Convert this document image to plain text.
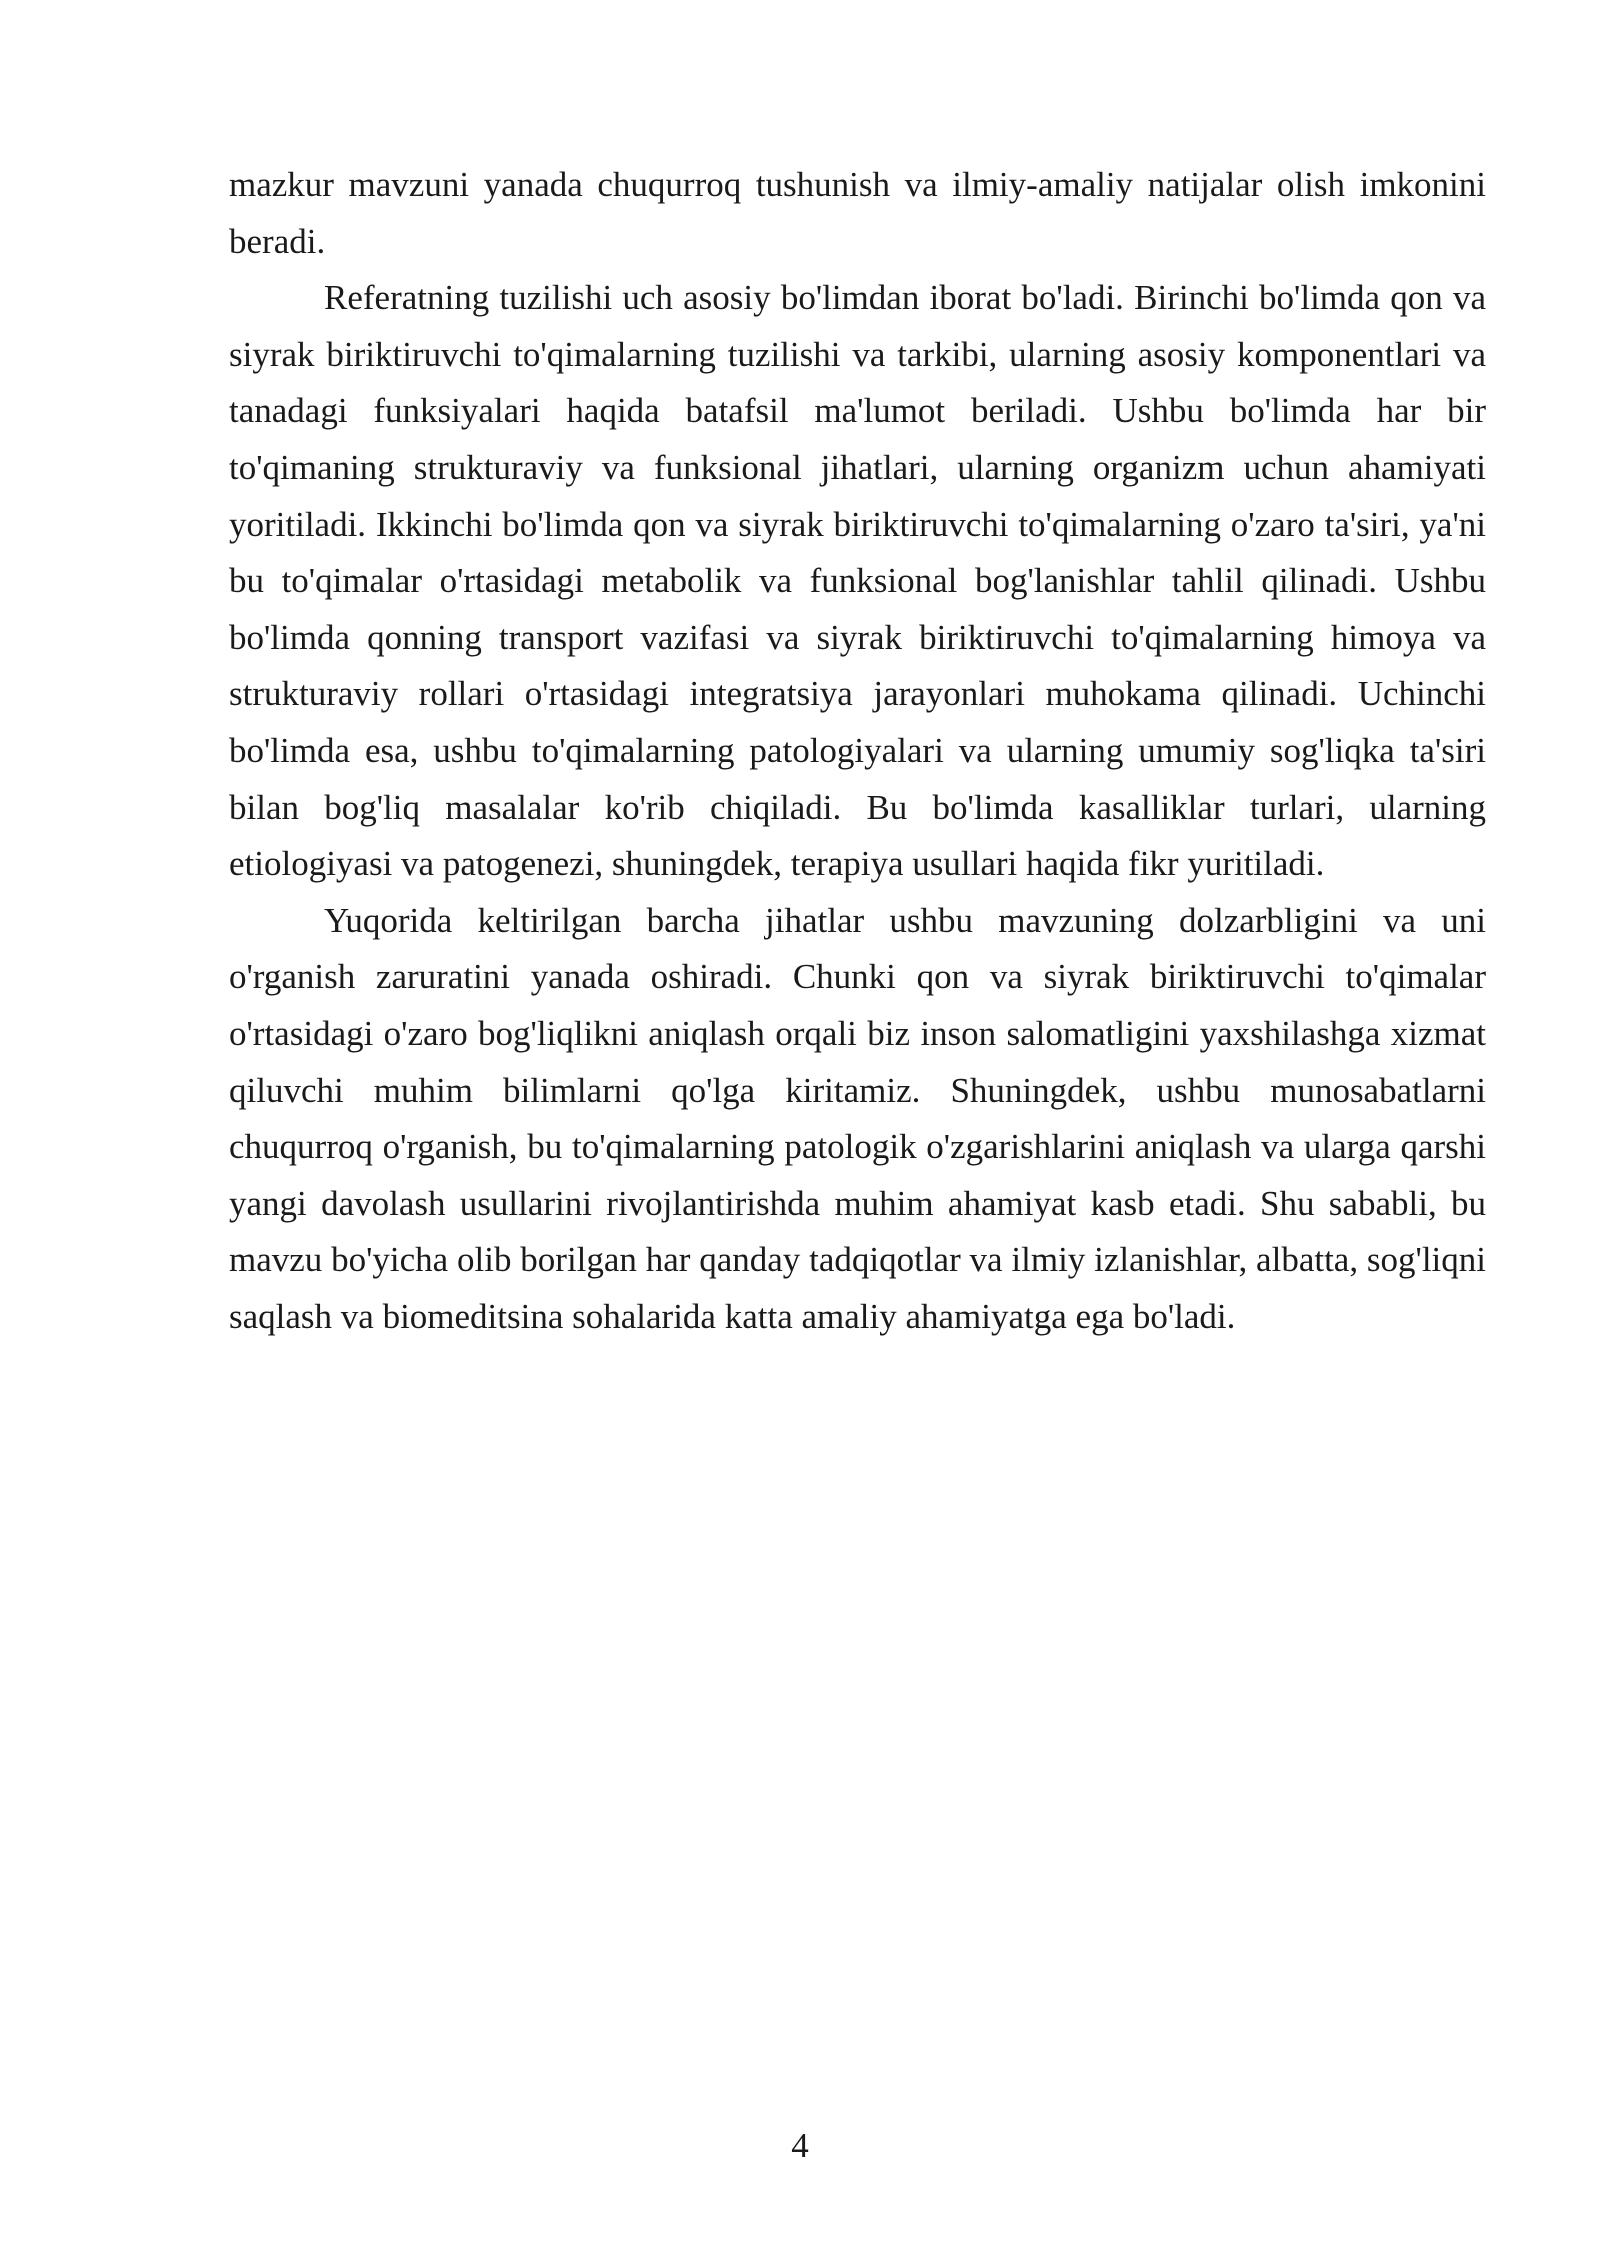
mazkur mavzuni yanada chuqurroq tushunish va ilmiy-amaliy natijalar olish imkonini beradi.

Referatning tuzilishi uch asosiy bo'limdan iborat bo'ladi. Birinchi bo'limda qon va siyrak biriktiruvchi to'qimalarning tuzilishi va tarkibi, ularning asosiy komponentlari va tanadagi funksiyalari haqida batafsil ma'lumot beriladi. Ushbu bo'limda har bir to'qimaning strukturaviy va funksional jihatlari, ularning organizm uchun ahamiyati yoritiladi. Ikkinchi bo'limda qon va siyrak biriktiruvchi to'qimalarning o'zaro ta'siri, ya'ni bu to'qimalar o'rtasidagi metabolik va funksional bog'lanishlar tahlil qilinadi. Ushbu bo'limda qonning transport vazifasi va siyrak biriktiruvchi to'qimalarning himoya va strukturaviy rollari o'rtasidagi integratsiya jarayonlari muhokama qilinadi. Uchinchi bo'limda esa, ushbu to'qimalarning patologiyalari va ularning umumiy sog'liqka ta'siri bilan bog'liq masalalar ko'rib chiqiladi. Bu bo'limda kasalliklar turlari, ularning etiologiyasi va patogenezi, shuningdek, terapiya usullari haqida fikr yuritiladi.

Yuqorida keltirilgan barcha jihatlar ushbu mavzuning dolzarbligini va uni o'rganish zaruratini yanada oshiradi. Chunki qon va siyrak biriktiruvchi to'qimalar o'rtasidagi o'zaro bog'liqlikni aniqlash orqali biz inson salomatligini yaxshilashga xizmat qiluvchi muhim bilimlarni qo'lga kiritamiz. Shuningdek, ushbu munosabatlarni chuqurroq o'rganish, bu to'qimalarning patologik o'zgarishlarini aniqlash va ularga qarshi yangi davolash usullarini rivojlantirishda muhim ahamiyat kasb etadi. Shu sababli, bu mavzu bo'yicha olib borilgan har qanday tadqiqotlar va ilmiy izlanishlar, albatta, sog'liqni saqlash va biomeditsina sohalarida katta amaliy ahamiyatga ega bo'ladi.

4
